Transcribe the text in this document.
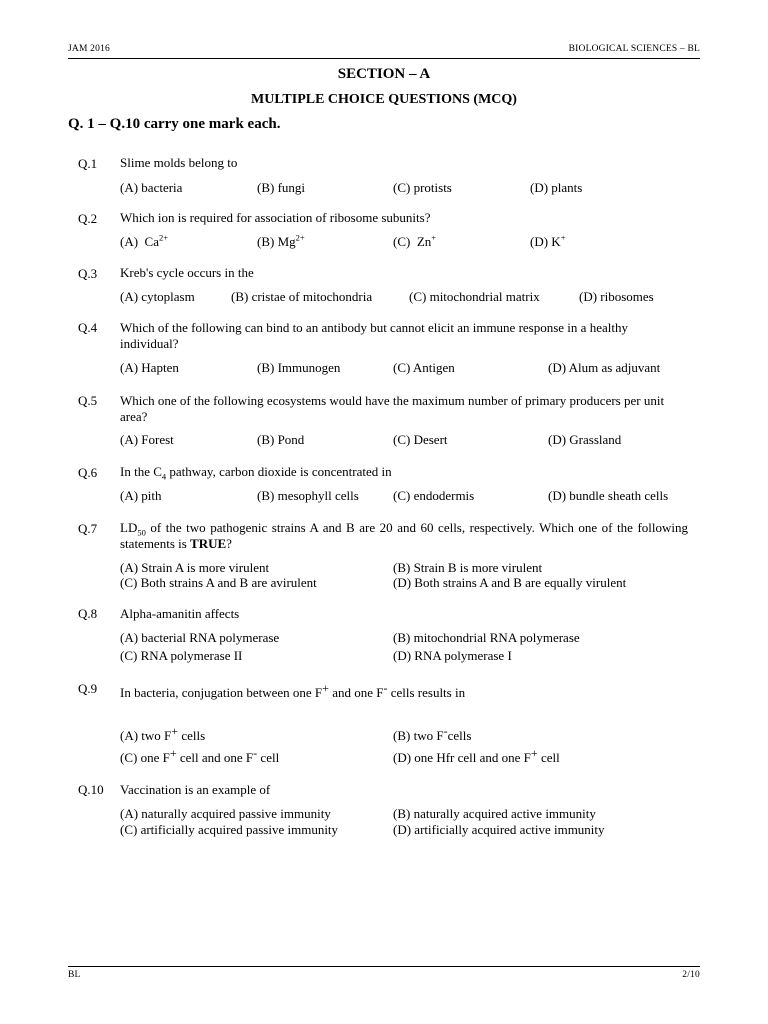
JAM 2016	BIOLOGICAL SCIENCES – BL
SECTION – A
MULTIPLE CHOICE QUESTIONS (MCQ)
Q. 1 – Q.10 carry one mark each.
Q.1 Slime molds belong to
(A) bacteria	(B) fungi	(C) protists	(D) plants
Q.2 Which ion is required for association of ribosome subunits?
(A) $Ca^{2+}$	(B) $Mg^{2+}$	(C) Zn+	(D) K+
Q.3 Kreb's cycle occurs in the
(A) cytoplasm	(B) cristae of mitochondria	(C) mitochondrial matrix	(D) ribosomes
Q.4 Which of the following can bind to an antibody but cannot elicit an immune response in a healthy individual?
(A) Hapten	(B) Immunogen	(C) Antigen	(D) Alum as adjuvant
Q.5 Which one of the following ecosystems would have the maximum number of primary producers per unit area?
(A) Forest	(B) Pond	(C) Desert	(D) Grassland
Q.6 In the $C_4$ pathway, carbon dioxide is concentrated in
(A) pith	(B) mesophyll cells	(C) endodermis	(D) bundle sheath cells
Q.7 $LD_{50}$ of the two pathogenic strains A and B are 20 and 60 cells, respectively. Which one of the following statements is TRUE?
(A) Strain A is more virulent	(B) Strain B is more virulent
(C) Both strains A and B are avirulent	(D) Both strains A and B are equally virulent
Q.8 Alpha-amanitin affects
(A) bacterial RNA polymerase	(B) mitochondrial RNA polymerase
(C) RNA polymerase II	(D) RNA polymerase I
Q.9 In bacteria, conjugation between one F+ and one F- cells results in
(A) two F+ cells	(B) two F-cells
(C) one F+ cell and one F- cell	(D) one Hfr cell and one F+ cell
Q.10 Vaccination is an example of
(A) naturally acquired passive immunity	(B) naturally acquired active immunity
(C) artificially acquired passive immunity	(D) artificially acquired active immunity
BL	2/10
